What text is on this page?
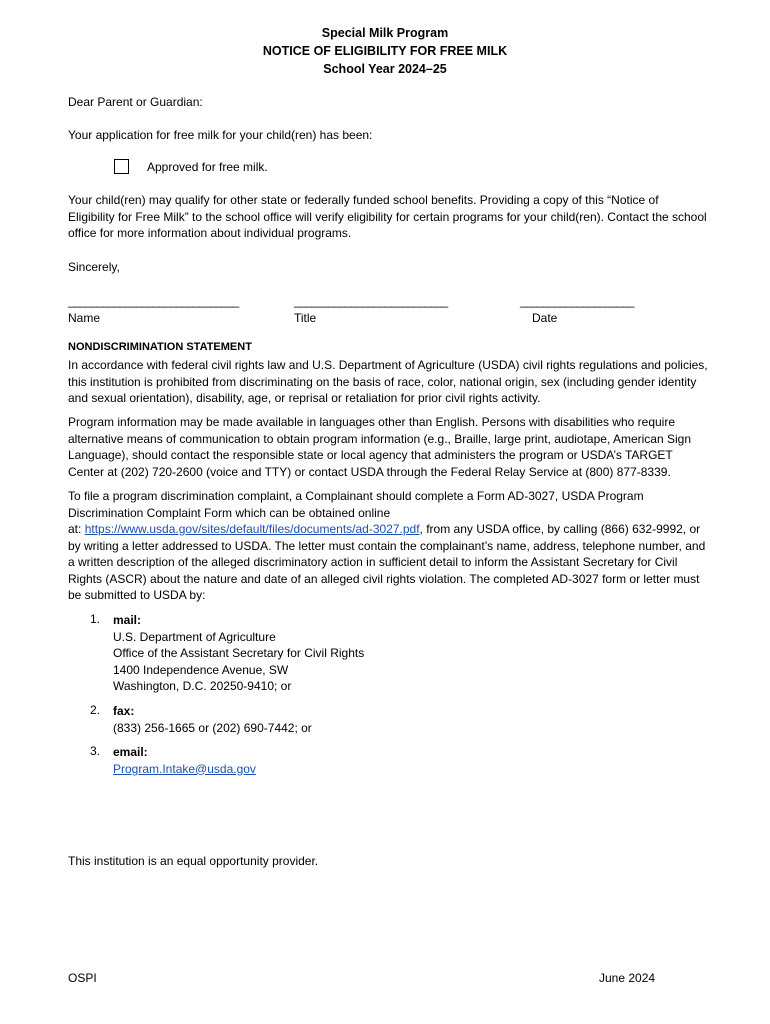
Special Milk Program
NOTICE OF ELIGIBILITY FOR FREE MILK
School Year 2024–25
Dear Parent or Guardian:
Your application for free milk for your child(ren) has been:
Approved for free milk.
Your child(ren) may qualify for other state or federally funded school benefits. Providing a copy of this “Notice of Eligibility for Free Milk” to the school office will verify eligibility for certain programs for your child(ren). Contact the school office for more information about individual programs.
Sincerely,
______________________________	___________________________	____________________
Name	Title	Date
NONDISCRIMINATION STATEMENT
In accordance with federal civil rights law and U.S. Department of Agriculture (USDA) civil rights regulations and policies, this institution is prohibited from discriminating on the basis of race, color, national origin, sex (including gender identity and sexual orientation), disability, age, or reprisal or retaliation for prior civil rights activity.
Program information may be made available in languages other than English. Persons with disabilities who require alternative means of communication to obtain program information (e.g., Braille, large print, audiotape, American Sign Language), should contact the responsible state or local agency that administers the program or USDA’s TARGET Center at (202) 720-2600 (voice and TTY) or contact USDA through the Federal Relay Service at (800) 877-8339.
To file a program discrimination complaint, a Complainant should complete a Form AD-3027, USDA Program
Discrimination Complaint Form which can be obtained online
at: https://www.usda.gov/sites/default/files/documents/ad-3027.pdf, from any USDA office, by calling (866) 632-9992, or by writing a letter addressed to USDA. The letter must contain the complainant’s name, address, telephone number, and a written description of the alleged discriminatory action in sufficient detail to inform the Assistant Secretary for Civil Rights (ASCR) about the nature and date of an alleged civil rights violation. The completed AD-3027 form or letter must be submitted to USDA by:
1. mail:
U.S. Department of Agriculture
Office of the Assistant Secretary for Civil Rights
1400 Independence Avenue, SW
Washington, D.C. 20250-9410; or
2. fax:
(833) 256-1665 or (202) 690-7442; or
3. email:
Program.Intake@usda.gov
This institution is an equal opportunity provider.
OSPI	June 2024
